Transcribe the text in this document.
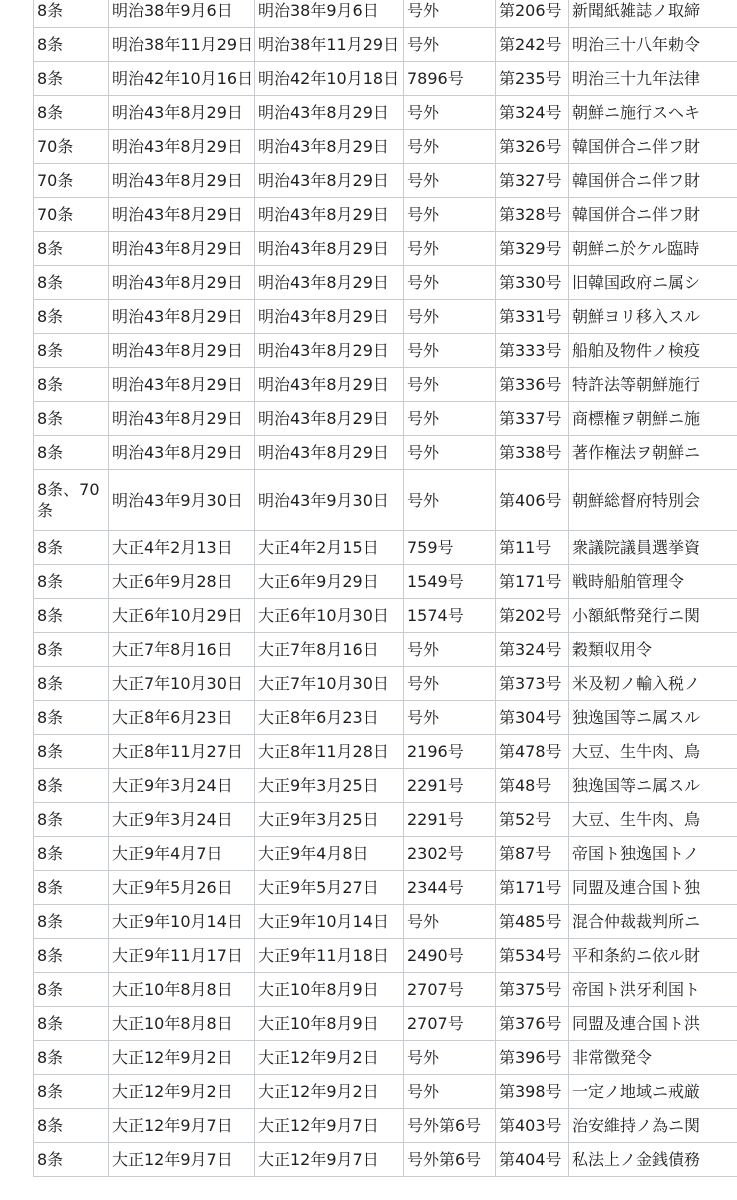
8条	明治38年9月6日	明治38年9月6日	号外	第206号	新聞紙雑誌ノ取締
8条	明治38年11月29日	明治38年11月29日	号外	第242号	明治三十八年勅令
8条	明治42年10月16日	明治42年10月18日	7896号	第235号	明治三十九年法律
8条	明治43年8月29日	明治43年8月29日	号外	第324号	朝鮮ニ施行スヘキ
70条	明治43年8月29日	明治43年8月29日	号外	第326号	韓国併合ニ伴フ財
70条	明治43年8月29日	明治43年8月29日	号外	第327号	韓国併合ニ伴フ財
70条	明治43年8月29日	明治43年8月29日	号外	第328号	韓国併合ニ伴フ財
8条	明治43年8月29日	明治43年8月29日	号外	第329号	朝鮮ニ於ケル臨時
8条	明治43年8月29日	明治43年8月29日	号外	第330号	旧韓国政府ニ属シ
8条	明治43年8月29日	明治43年8月29日	号外	第331号	朝鮮ヨリ移入スル
8条	明治43年8月29日	明治43年8月29日	号外	第333号	船舶及物件ノ検疫
8条	明治43年8月29日	明治43年8月29日	号外	第336号	特許法等朝鮮施行
8条	明治43年8月29日	明治43年8月29日	号外	第337号	商標権ヲ朝鮮ニ施
8条	明治43年8月29日	明治43年8月29日	号外	第338号	著作権法ヲ朝鮮ニ
8条、70条	明治43年9月30日	明治43年9月30日	号外	第406号	朝鮮総督府特別会
8条	大正4年2月13日	大正4年2月15日	759号	第11号	衆議院議員選挙資
8条	大正6年9月28日	大正6年9月29日	1549号	第171号	戦時船舶管理令
8条	大正6年10月29日	大正6年10月30日	1574号	第202号	小額紙幣発行ニ関
8条	大正7年8月16日	大正7年8月16日	号外	第324号	穀類収用令
8条	大正7年10月30日	大正7年10月30日	号外	第373号	米及籾ノ輸入税ノ
8条	大正8年6月23日	大正8年6月23日	号外	第304号	独逸国等ニ属スル
8条	大正8年11月27日	大正8年11月28日	2196号	第478号	大豆、生牛肉、鳥
8条	大正9年3月24日	大正9年3月25日	2291号	第48号	独逸国等ニ属スル
8条	大正9年3月24日	大正9年3月25日	2291号	第52号	大豆、生牛肉、鳥
8条	大正9年4月7日	大正9年4月8日	2302号	第87号	帝国ト独逸国トノ
8条	大正9年5月26日	大正9年5月27日	2344号	第171号	同盟及連合国ト独
8条	大正9年10月14日	大正9年10月14日	号外	第485号	混合仲裁裁判所ニ
8条	大正9年11月17日	大正9年11月18日	2490号	第534号	平和条約ニ依ル財
8条	大正10年8月8日	大正10年8月9日	2707号	第375号	帝国ト洪牙利国ト
8条	大正10年8月8日	大正10年8月9日	2707号	第376号	同盟及連合国ト洪
8条	大正12年9月2日	大正12年9月2日	号外	第396号	非常徴発令
8条	大正12年9月2日	大正12年9月2日	号外	第398号	一定ノ地域ニ戒厳
8条	大正12年9月7日	大正12年9月7日	号外第6号	第403号	治安維持ノ為ニ関
8条	大正12年9月7日	大正12年9月7日	号外第6号	第404号	私法上ノ金銭債務
